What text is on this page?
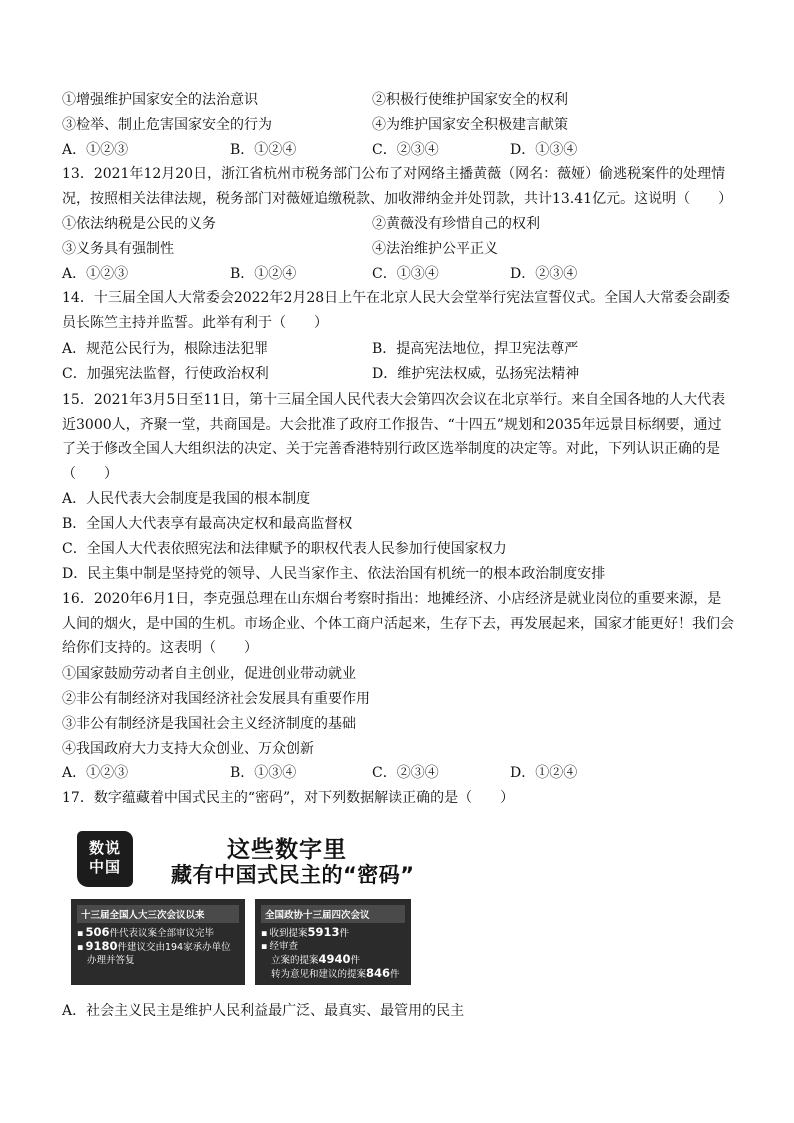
①增强维护国家安全的法治意识	②积极行使维护国家安全的权利
③检举、制止危害国家安全的行为	④为维护国家安全积极建言献策
A．①②③	B．①②④	C．②③④	D．①③④
13．2021年12月20日，浙江省杭州市税务部门公布了对网络主播黄薇（网名：薇娅）偷逃税案件的处理情
况，按照相关法律法规，税务部门对薇娅追缴税款、加收滞纳金并处罚款，共计13.41亿元。这说明（　　）
①依法纳税是公民的义务	②黄薇没有珍惜自己的权利
③义务具有强制性	④法治维护公平正义
A．①②③	B．①②④	C．①③④	D．②③④
14．十三届全国人大常委会2022年2月28日上午在北京人民大会堂举行宪法宣誓仪式。全国人大常委会副委
员长陈竺主持并监誓。此举有利于（　　）
A．规范公民行为，根除违法犯罪	B．提高宪法地位，捍卫宪法尊严
C．加强宪法监督，行使政治权利	D．维护宪法权威，弘扬宪法精神
15．2021年3月5日至11日，第十三届全国人民代表大会第四次会议在北京举行。来自全国各地的人大代表
近3000人，齐聚一堂，共商国是。大会批准了政府工作报告、“十四五”规划和2035年远景目标纲要，通过
了关于修改全国人大组织法的决定、关于完善香港特别行政区选举制度的决定等。对此，下列认识正确的是
（　　）
A．人民代表大会制度是我国的根本制度
B．全国人大代表享有最高决定权和最高监督权
C．全国人大代表依照宪法和法律赋予的职权代表人民参加行使国家权力
D．民主集中制是坚持党的领导、人民当家作主、依法治国有机统一的根本政治制度安排
16．2020年6月1日，李克强总理在山东烟台考察时指出：地摊经济、小店经济是就业岗位的重要来源，是
人间的烟火，是中国的生机。市场企业、个体工商户活起来，生存下去，再发展起来，国家才能更好！我们会
给你们支持的。这表明（　　）
①国家鼓励劳动者自主创业，促进创业带动就业
②非公有制经济对我国经济社会发展具有重要作用
③非公有制经济是我国社会主义经济制度的基础
④我国政府大力支持大众创业、万众创新
A．①②③	B．①③④	C．②③④	D．①②④
17．数字蕴藏着中国式民主的“密码”，对下列数据解读正确的是（　　）
数说
中国
这些数字里
藏有中国式民主的“密码”
十三届全国人大三次会议以来
▪ 506件代表议案全部审议完毕
▪ 9180件建议交由194家承办单位
办理并答复
全国政协十三届四次会议
▪ 收到提案5913件
▪ 经审查
立案的提案4940件
转为意见和建议的提案846件
A．社会主义民主是维护人民利益最广泛、最真实、最管用的民主
